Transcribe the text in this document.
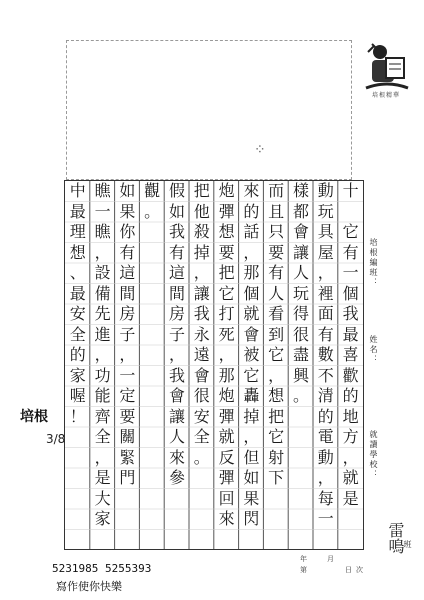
培根精華
⁘
十
它
有
一
個
我
最
喜
歡
的
地
方
，
就
是
動
玩
具
屋
，
裡
面
有
數
不
清
的
電
動
，
每
一
樣
都
會
讓
人
玩
得
很
盡
興
。
而
且
只
要
有
人
看
到
它
，
想
把
它
射
下
來
的
話
，
那
個
就
會
被
它
轟
掉
，
但
如
果
閃
炮
彈
想
要
把
它
打
死
，
那
炮
彈
就
反
彈
回
來
把
他
殺
掉
，
讓
我
永
遠
會
很
安
全
。
假
如
我
有
這
間
房
子
，
我
會
讓
人
來
參
觀
。
如
果
你
有
這
間
房
子
，
一
定
要
關
緊
門
瞧
一
瞧
，
設
備
先
進
，
功
能
齊
全
，
是
大
家
中
最
理
想
、
最
安
全
的
家
喔
！
培根編班：
姓名：
就讀學校：
班
雷鳴
年
第
月
日 次
培根
3/8
5231985 5255393
寫作使你快樂
